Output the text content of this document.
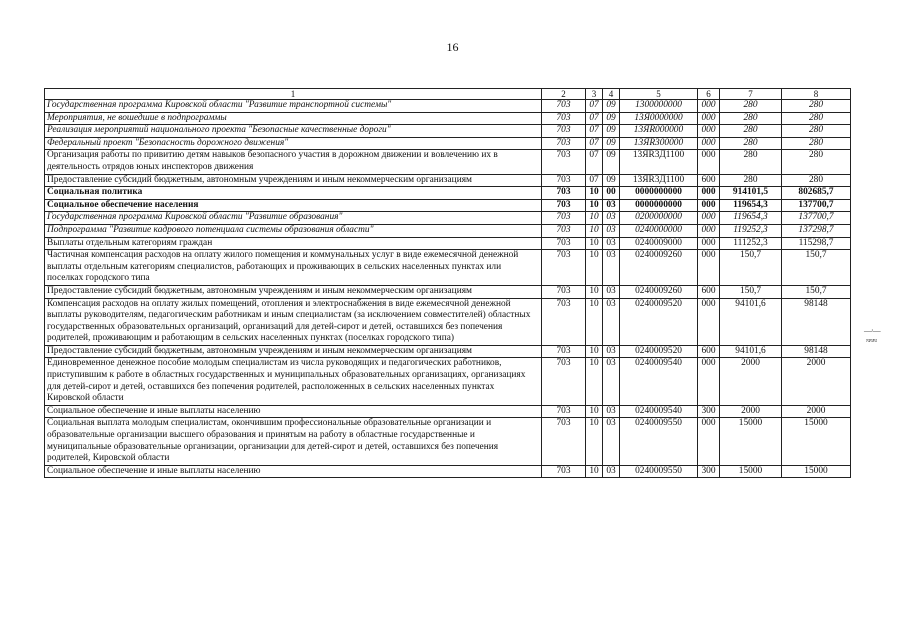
16
1	2	3	4	5	6	7	8
Государственная программа Кировской области "Развитие транспортной системы"	703	07	09	1300000000	000	280	280
Мероприятия, не вошедшие в подпрограммы	703	07	09	13Я0000000	000	280	280
Реализация мероприятий национального проекта "Безопасные качественные дороги"	703	07	09	13ЯR000000	000	280	280
Федеральный проект "Безопасность дорожного движения"	703	07	09	13ЯR300000	000	280	280
Организация работы по привитию детям навыков безопасного участия в дорожном движении и вовлечению их в деятельность отрядов юных инспекторов движения	703	07	09	13ЯR3Д1100	000	280	280
Предоставление субсидий бюджетным, автономным учреждениям и иным некоммерческим организациям	703	07	09	13ЯR3Д1100	600	280	280
Социальная политика	703	10	00	0000000000	000	914101,5	802685,7
Социальное обеспечение населения	703	10	03	0000000000	000	119654,3	137700,7
Государственная программа Кировской области "Развитие образования"	703	10	03	0200000000	000	119654,3	137700,7
Подпрограмма "Развитие кадрового потенциала системы образования области"	703	10	03	0240000000	000	119252,3	137298,7
Выплаты отдельным категориям граждан	703	10	03	0240009000	000	111252,3	115298,7
Частичная компенсация расходов на оплату жилого помещения и коммунальных услуг в виде ежемесячной денежной выплаты отдельным категориям специалистов, работающих и проживающих в сельских населенных пунктах или поселках городского типа	703	10	03	0240009260	000	150,7	150,7
Предоставление субсидий бюджетным, автономным учреждениям и иным некоммерческим организациям	703	10	03	0240009260	600	150,7	150,7
Компенсация расходов на оплату жилых помещений, отопления и электроснабжения в виде ежемесячной денежной выплаты руководителям, педагогическим работникам и иным специалистам (за исключением совместителей) областных государственных образовательных организаций, организаций для детей-сирот и детей, оставшихся без попечения родителей, проживающим и работающим в сельских населенных пунктах (поселках городского типа)	703	10	03	0240009520	000	94101,6	98148
Предоставление субсидий бюджетным, автономным учреждениям и иным некоммерческим организациям	703	10	03	0240009520	600	94101,6	98148
Единовременное денежное пособие молодым специалистам из числа руководящих и педагогических работников, приступившим к работе в областных государственных и муниципальных образовательных организациях, организациях для детей-сирот и детей, оставшихся без попечения родителей, расположенных в сельских населенных пунктах Кировской области	703	10	03	0240009540	000	2000	2000
Социальное обеспечение и иные выплаты населению	703	10	03	0240009540	300	2000	2000
Социальная выплата молодым специалистам, окончившим профессиональные образовательные организации и образовательные организации высшего образования и принятым на работу в областные государственные и муниципальные образовательные организации, организации для детей-сирот и детей, оставшихся без попечения родителей, Кировской области	703	10	03	0240009550	000	15000	15000
Социальное обеспечение и иные выплаты населению	703	10	03	0240009550	300	15000	15000
—·—
≈≈≈
